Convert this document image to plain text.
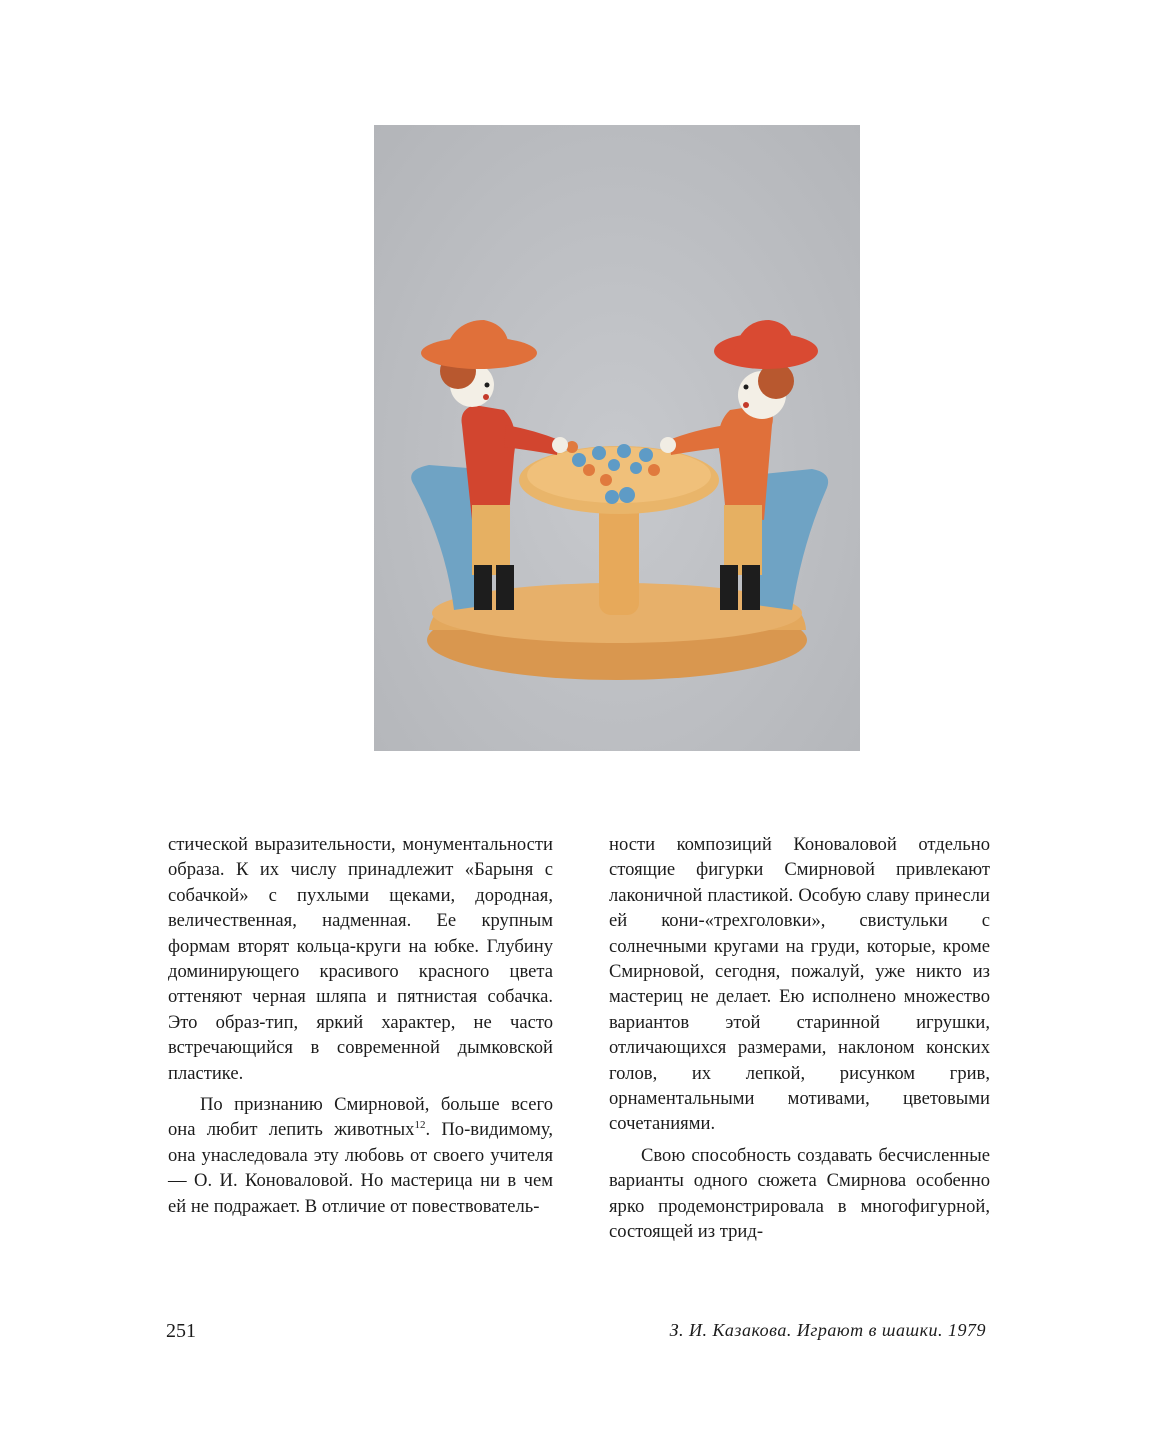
стической выразительности, монументальности образа. К их числу принадлежит «Барыня с собачкой» с пухлыми щеками, дородная, величественная, надменная. Ее крупным формам вторят кольца-круги на юбке. Глубину доминирующего красивого красного цвета оттеняют черная шляпа и пятнистая собачка. Это образ-тип, яркий характер, не часто встречающийся в современной дымковской пластике.

По признанию Смирновой, больше всего она любит лепить животных$^{12}$. По-видимому, она унаследовала эту любовь от своего учителя — О. И. Коноваловой. Но мастерица ни в чем ей не подражает. В отличие от повествователь-

ности композиций Коноваловой отдельно стоящие фигурки Смирновой привлекают лаконичной пластикой. Особую славу принесли ей кони-«трехголовки», свистульки с солнечными кругами на груди, которые, кроме Смирновой, сегодня, пожалуй, уже никто из мастериц не делает. Ею исполнено множество вариантов этой старинной игрушки, отличающихся размерами, наклоном конских голов, их лепкой, рисунком грив, орнаментальными мотивами, цветовыми сочетаниями.

Свою способность создавать бесчисленные варианты одного сюжета Смирнова особенно ярко продемонстрировала в многофигурной, состоящей из трид-

251	З. И. Казакова. Играют в шашки. 1979
